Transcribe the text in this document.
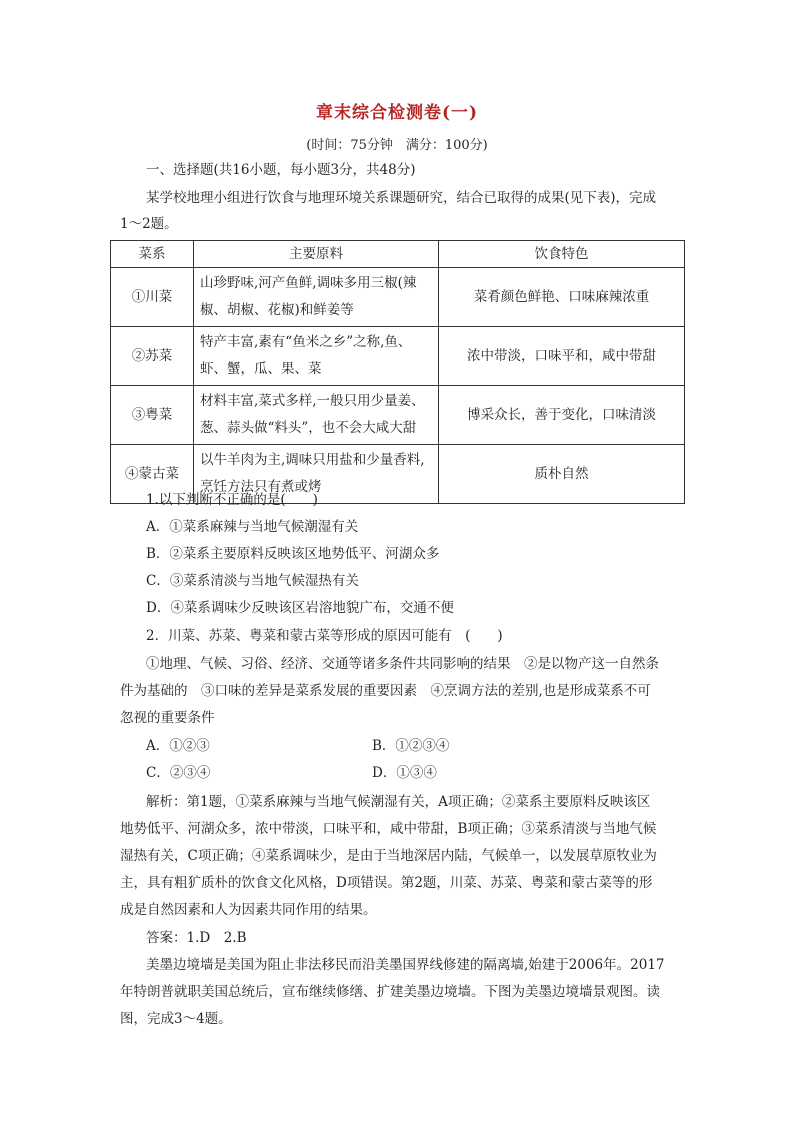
章末综合检测卷(一)
(时间：75分钟　满分：100分)
一、选择题(共16小题，每小题3分，共48分)
某学校地理小组进行饮食与地理环境关系课题研究，结合已取得的成果(见下表)，完成
1～2题。
菜系	主要原料	饮食特色
①川菜	山珍野味,河产鱼鲜,调味多用三椒(辣
椒、胡椒、花椒)和鲜姜等	菜肴颜色鲜艳、口味麻辣浓重
②苏菜	特产丰富,素有“鱼米之乡”之称,鱼、
虾、蟹，瓜、果、菜	浓中带淡，口味平和，咸中带甜
③粤菜	材料丰富,菜式多样,一般只用少量姜、
葱、蒜头做“料头”，也不会大咸大甜	博采众长，善于变化，口味清淡
④蒙古菜	以牛羊肉为主,调味只用盐和少量香料,
烹饪方法只有煮或烤	质朴自然
1.以下判断不正确的是(　　)
A．①菜系麻辣与当地气候潮湿有关
B．②菜系主要原料反映该区地势低平、河湖众多
C．③菜系清淡与当地气候湿热有关
D．④菜系调味少反映该区岩溶地貌广布，交通不便
2．川菜、苏菜、粤菜和蒙古菜等形成的原因可能有　(　　)
①地理、气候、习俗、经济、交通等诸多条件共同影响的结果　②是以物产这一自然条
件为基础的　③口味的差异是菜系发展的重要因素　④烹调方法的差别,也是形成菜系不可
忽视的重要条件
A．①②③	B．①②③④
C．②③④	D．①③④
解析：第1题，①菜系麻辣与当地气候潮湿有关，A项正确；②菜系主要原料反映该区
地势低平、河湖众多，浓中带淡，口味平和，咸中带甜，B项正确；③菜系清淡与当地气候
湿热有关，C项正确；④菜系调味少，是由于当地深居内陆，气候单一，以发展草原牧业为
主，具有粗犷质朴的饮食文化风格，D项错误。第2题，川菜、苏菜、粤菜和蒙古菜等的形
成是自然因素和人为因素共同作用的结果。
答案：1.D　2.B
美墨边境墙是美国为阻止非法移民而沿美墨国界线修建的隔离墙,始建于2006年。2017
年特朗普就职美国总统后，宣布继续修缮、扩建美墨边境墙。下图为美墨边境墙景观图。读
图，完成3～4题。
